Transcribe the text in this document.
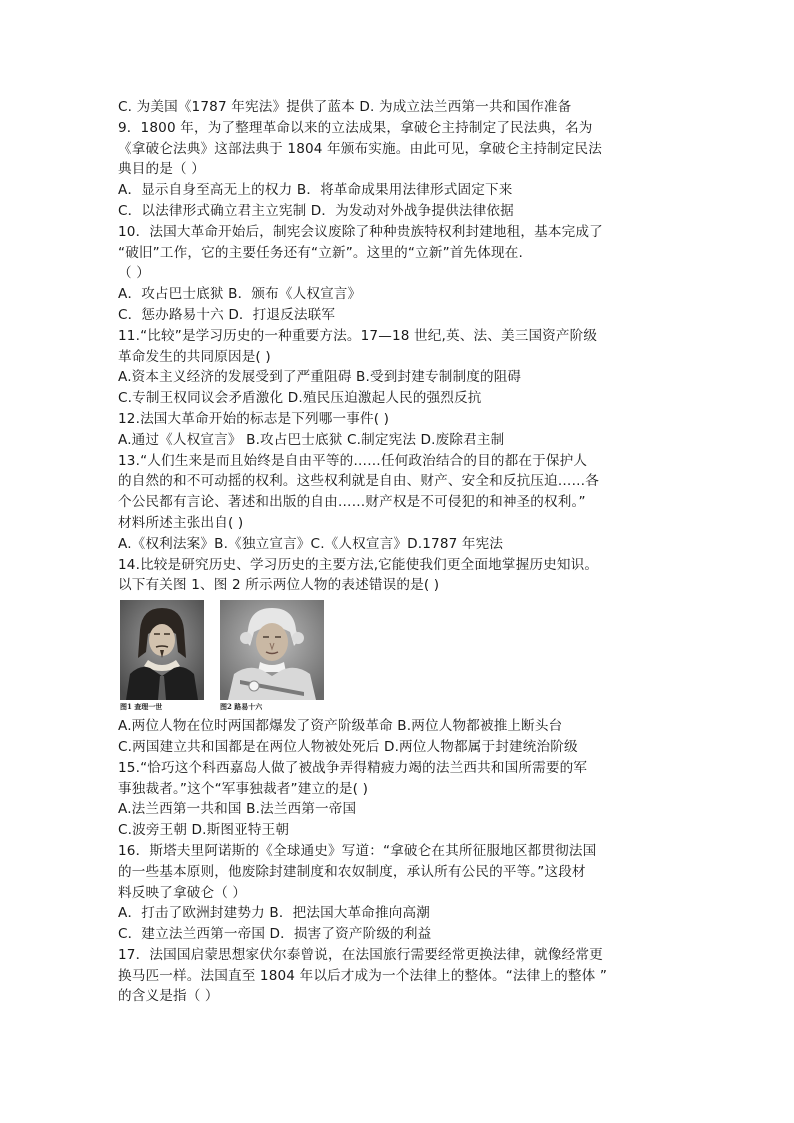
C. 为美国《1787 年宪法》提供了蓝本 D. 为成立法兰西第一共和国作准备
9．1800 年，为了整理革命以来的立法成果，拿破仑主持制定了民法典，名为
《拿破仑法典》这部法典于 1804 年颁布实施。由此可见，拿破仑主持制定民法
典目的是（ ）
A．显示自身至高无上的权力 B．将革命成果用法律形式固定下来
C．以法律形式确立君主立宪制 D．为发动对外战争提供法律依据
10．法国大革命开始后，制宪会议废除了种种贵族特权利封建地租，基本完成了
“破旧”工作，它的主要任务还有“立新”。这里的“立新”首先体现在.
（ ）
A．攻占巴士底狱 B．颁布《人权宣言》
C．惩办路易十六 D．打退反法联军
11.“比较”是学习历史的一种重要方法。17—18 世纪,英、法、美三国资产阶级
革命发生的共同原因是( )
A.资本主义经济的发展受到了严重阻碍 B.受到封建专制制度的阻碍
C.专制王权同议会矛盾激化 D.殖民压迫激起人民的强烈反抗
12.法国大革命开始的标志是下列哪一事件( )
A.通过《人权宣言》 B.攻占巴士底狱 C.制定宪法 D.废除君主制
13.“人们生来是而且始终是自由平等的……任何政治结合的目的都在于保护人
的自然的和不可动摇的权利。这些权利就是自由、财产、安全和反抗压迫……各
个公民都有言论、著述和出版的自由……财产权是不可侵犯的和神圣的权利。”
材料所述主张出自( )
A.《权利法案》B.《独立宣言》C.《人权宣言》D.1787 年宪法
14.比较是研究历史、学习历史的主要方法,它能使我们更全面地掌握历史知识。
以下有关图 1、图 2 所示两位人物的表述错误的是( )
图1 查理一世	图2 路易十六
A.两位人物在位时两国都爆发了资产阶级革命 B.两位人物都被推上断头台
C.两国建立共和国都是在两位人物被处死后 D.两位人物都属于封建统治阶级
15.“恰巧这个科西嘉岛人做了被战争弄得精疲力竭的法兰西共和国所需要的军
事独裁者。”这个“军事独裁者”建立的是( )
A.法兰西第一共和国 B.法兰西第一帝国
C.波旁王朝 D.斯图亚特王朝
16．斯塔夫里阿诺斯的《全球通史》写道：“拿破仑在其所征服地区都贯彻法国
的一些基本原则，他废除封建制度和农奴制度，承认所有公民的平等。”这段材
料反映了拿破仑（ ）
A．打击了欧洲封建势力 B．把法国大革命推向高潮
C．建立法兰西第一帝国 D．损害了资产阶级的利益
17．法国国启蒙思想家伏尔泰曾说，在法国旅行需要经常更换法律，就像经常更
换马匹一样。法国直至 1804 年以后才成为一个法律上的整体。“法律上的整体 ”
的含义是指（ ）
